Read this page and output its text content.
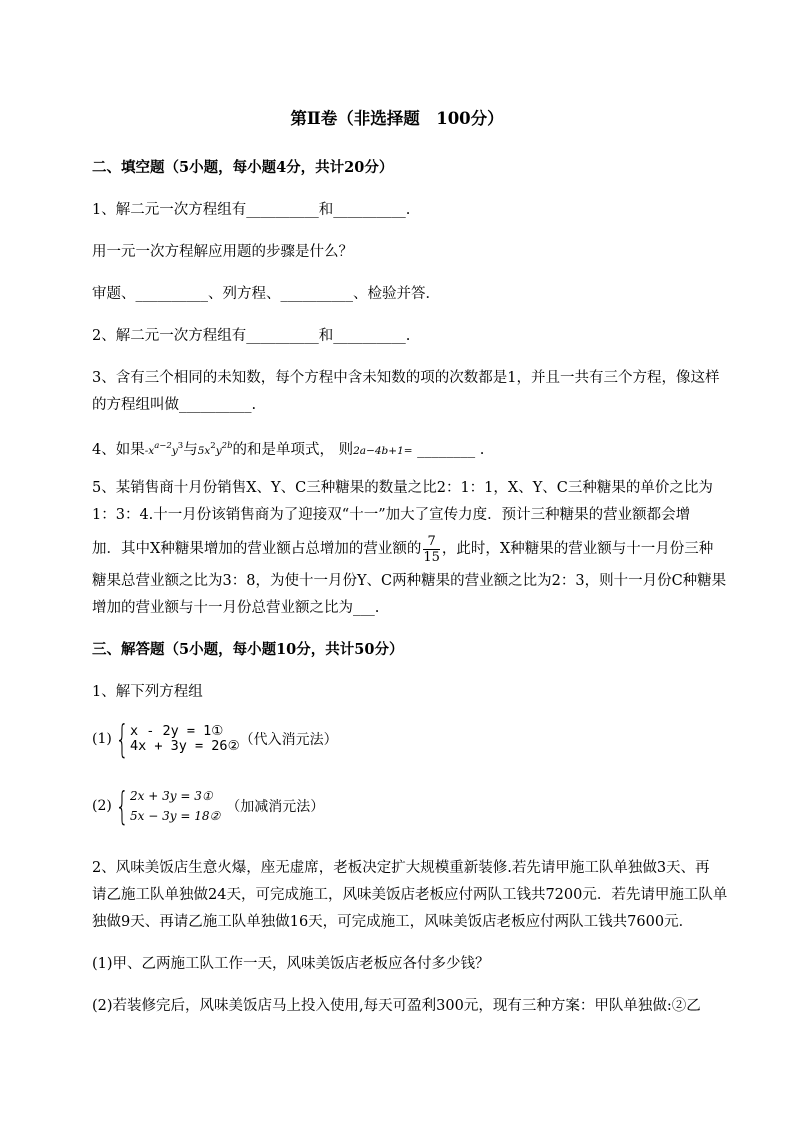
第Ⅱ卷（非选择题　100分）
二、填空题（5小题，每小题4分，共计20分）
1、解二元一次方程组有__________和__________.
用一元一次方程解应用题的步骤是什么？
审题、__________、列方程、__________、检验并答．
2、解二元一次方程组有__________和__________.
3、含有三个相同的未知数，每个方程中含未知数的项的次数都是1，并且一共有三个方程，像这样
的方程组叫做__________.
4、如果$-x^{a-2}y^3$与$5x^2y^{2b}$的和是单项式， 则2a−4b+1= ________ .
5、某销售商十月份销售X、Y、C三种糖果的数量之比2：1：1，X、Y、C三种糖果的单价之比为
1：3：4.十一月份该销售商为了迎接双“十一”加大了宣传力度．预计三种糖果的营业额都会增
加．其中X种糖果增加的营业额占总增加的营业额的 $\frac{7}{15}$ ，此时，X种糖果的营业额与十一月份三种
糖果总营业额之比为3：8，为使十一月份Y、C两种糖果的营业额之比为2：3，则十一月份C种糖果
增加的营业额与十一月份总营业额之比为___.
三、解答题（5小题，每小题10分，共计50分）
1、解下列方程组
(1) { x - 2y = 1①
4x + 3y = 26② （代入消元法）
(2) { 2x + 3y = 3①
5x − 3y = 18②
（加减消元法）
2、风味美饭店生意火爆，座无虚席，老板决定扩大规模重新装修.若先请甲施工队单独做3天、再
请乙施工队单独做24天，可完成施工，风味美饭店老板应付两队工钱共7200元．若先请甲施工队单
独做9天、再请乙施工队单独做16天，可完成施工，风味美饭店老板应付两队工钱共7600元．
(1)甲、乙两施工队工作一天，风味美饭店老板应各付多少钱？
(2)若装修完后，风味美饭店马上投入使用,每天可盈利300元，现有三种方案：甲队单独做:②乙
